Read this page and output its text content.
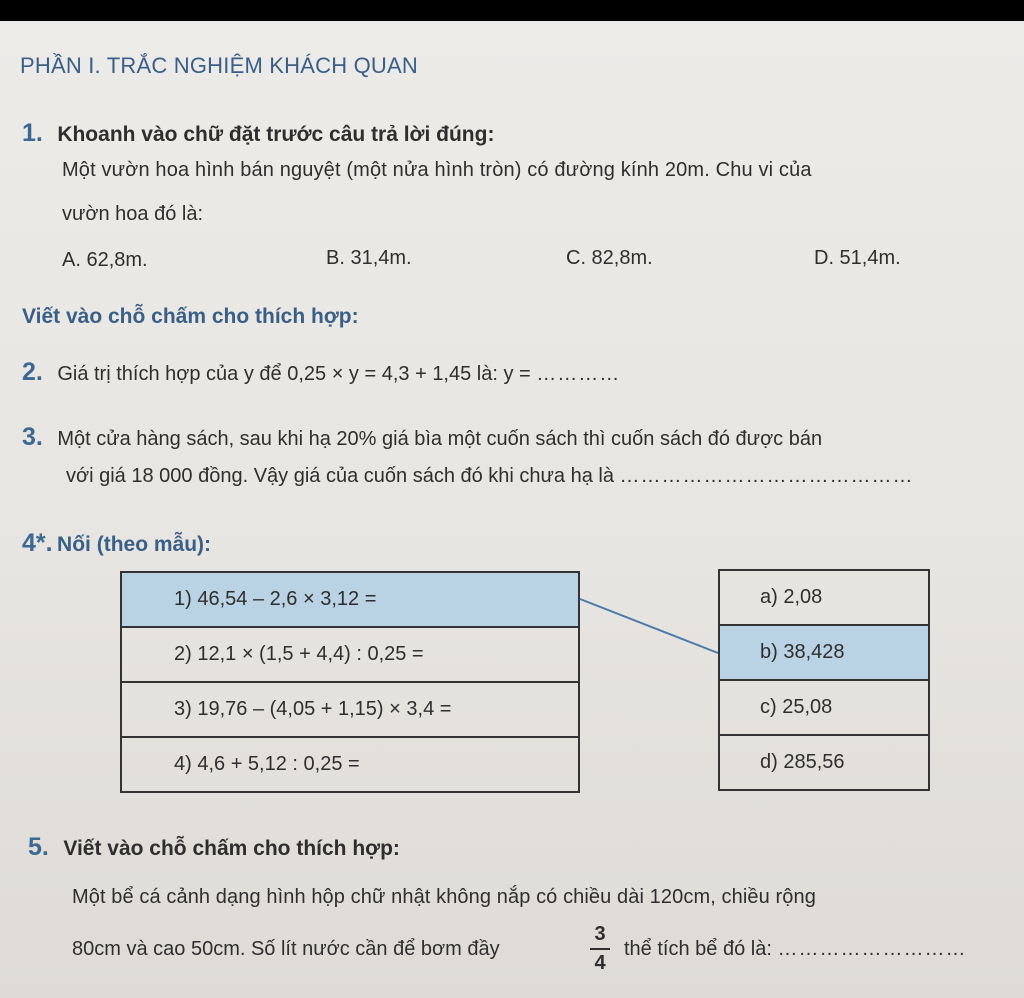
PHẦN I. TRẮC NGHIỆM KHÁCH QUAN
1. Khoanh vào chữ đặt trước câu trả lời đúng:
Một vườn hoa hình bán nguyệt (một nửa hình tròn) có đường kính 20m. Chu vi của
vườn hoa đó là:
A. 62,8m.	B. 31,4m.	C. 82,8m.	D. 51,4m.
Viết vào chỗ chấm cho thích hợp:
2. Giá trị thích hợp của y để 0,25 × y = 4,3 + 1,45 là: y = …………
3. Một cửa hàng sách, sau khi hạ 20% giá bìa một cuốn sách thì cuốn sách đó được bán
với giá 18 000 đồng. Vậy giá của cuốn sách đó khi chưa hạ là ……………………………………
4*. Nối (theo mẫu):
1) 46,54 – 2,6 × 3,12 =
2) 12,1 × (1,5 + 4,4) : 0,25 =
3) 19,76 – (4,05 + 1,15) × 3,4 =
4) 4,6 + 5,12 : 0,25 =
a) 2,08
b) 38,428
c) 25,08
d) 285,56
5. Viết vào chỗ chấm cho thích hợp:
Một bể cá cảnh dạng hình hộp chữ nhật không nắp có chiều dài 120cm, chiều rộng
80cm và cao 50cm. Số lít nước cần để bơm đầy
3
4
thể tích bể đó là: ………………………
